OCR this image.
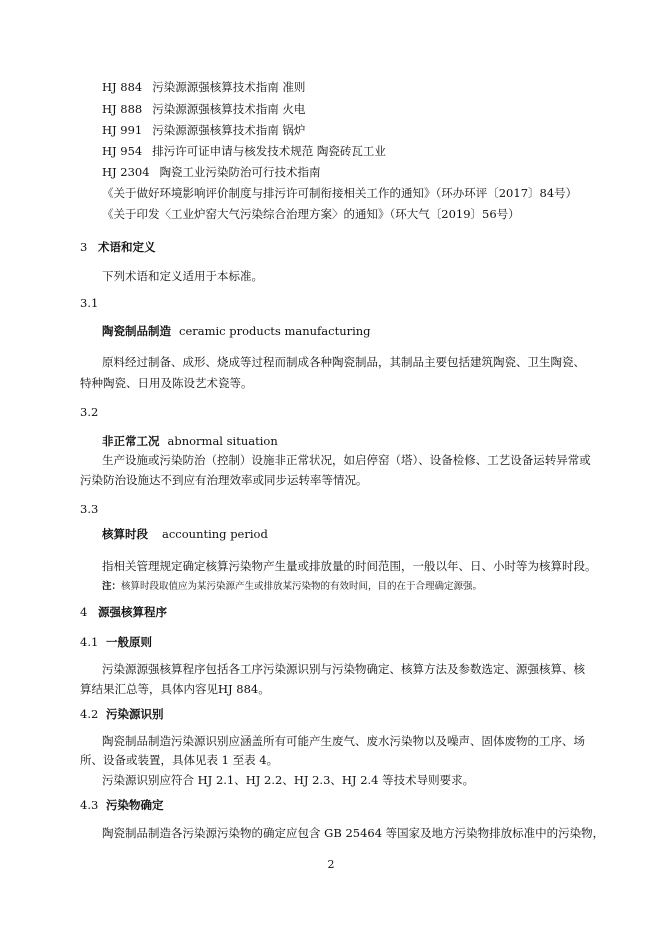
HJ 884 污染源源强核算技术指南 准则
HJ 888 污染源源强核算技术指南 火电
HJ 991 污染源源强核算技术指南 锅炉
HJ 954 排污许可证申请与核发技术规范 陶瓷砖瓦工业
HJ 2304 陶瓷工业污染防治可行技术指南
《关于做好环境影响评价制度与排污许可制衔接相关工作的通知》（环办环评〔2017〕84号）
《关于印发〈工业炉窑大气污染综合治理方案〉的通知》（环大气〔2019〕56号）
3 术语和定义
下列术语和定义适用于本标准。
3.1
陶瓷制品制造 ceramic products manufacturing
原料经过制备、成形、烧成等过程而制成各种陶瓷制品，其制品主要包括建筑陶瓷、卫生陶瓷、
特种陶瓷、日用及陈设艺术瓷等。
3.2
非正常工况 abnormal situation
生产设施或污染防治（控制）设施非正常状况，如启停窑（塔）、设备检修、工艺设备运转异常或
污染防治设施达不到应有治理效率或同步运转率等情况。
3.3
核算时段 accounting period
指相关管理规定确定核算污染物产生量或排放量的时间范围，一般以年、日、小时等为核算时段。
注：核算时段取值应为某污染源产生或排放某污染物的有效时间，目的在于合理确定源强。
4 源强核算程序
4.1 一般原则
污染源源强核算程序包括各工序污染源识别与污染物确定、核算方法及参数选定、源强核算、核
算结果汇总等，具体内容见HJ 884。
4.2 污染源识别
陶瓷制品制造污染源识别应涵盖所有可能产生废气、废水污染物以及噪声、固体废物的工序、场
所、设备或装置，具体见表 1 至表 4。
污染源识别应符合 HJ 2.1、HJ 2.2、HJ 2.3、HJ 2.4 等技术导则要求。
4.3 污染物确定
陶瓷制品制造各污染源污染物的确定应包含 GB 25464 等国家及地方污染物排放标准中的污染物，
2
